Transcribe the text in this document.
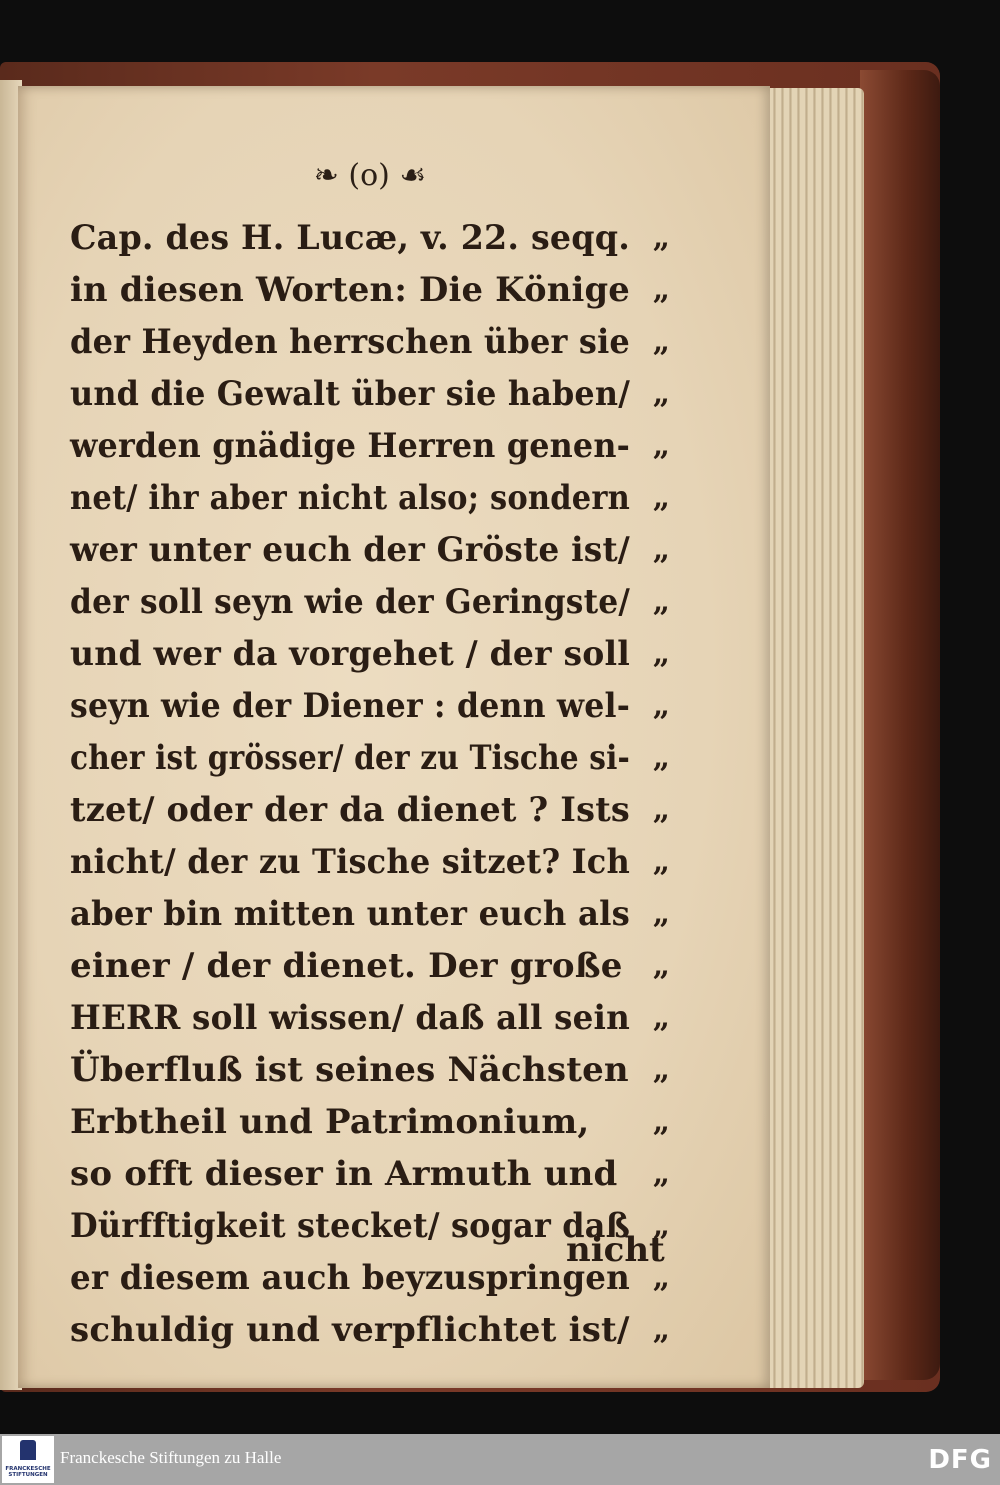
❧ (o) ☙
Cap. des H. Lucæ, v. 22. seqq. „
in diesen Worten: Die Könige „
der Heyden herrschen über sie „
und die Gewalt über sie haben/ „
werden gnädige Herren genen- „
net/ ihr aber nicht also; sondern „
wer unter euch der Gröste ist/ „
der soll seyn wie der Geringste/ „
und wer da vorgehet / der soll „
seyn wie der Diener : denn wel- „
cher ist grösser/ der zu Tische si- „
tzet/ oder der da dienet ? Ists „
nicht/ der zu Tische sitzet? Ich „
aber bin mitten unter euch als „
einer / der dienet. Der große „
HERR soll wissen/ daß all sein „
Überfluß ist seines Nächsten „
Erbtheil und Patrimonium, „
so offt dieser in Armuth und „
Dürfftigkeit stecket/ sogar daß „
er diesem auch beyzuspringen „
schuldig und verpflichtet ist/ „
nicht
FRANCKESCHE STIFTUNGEN
Franckesche Stiftungen zu Halle	DFG
